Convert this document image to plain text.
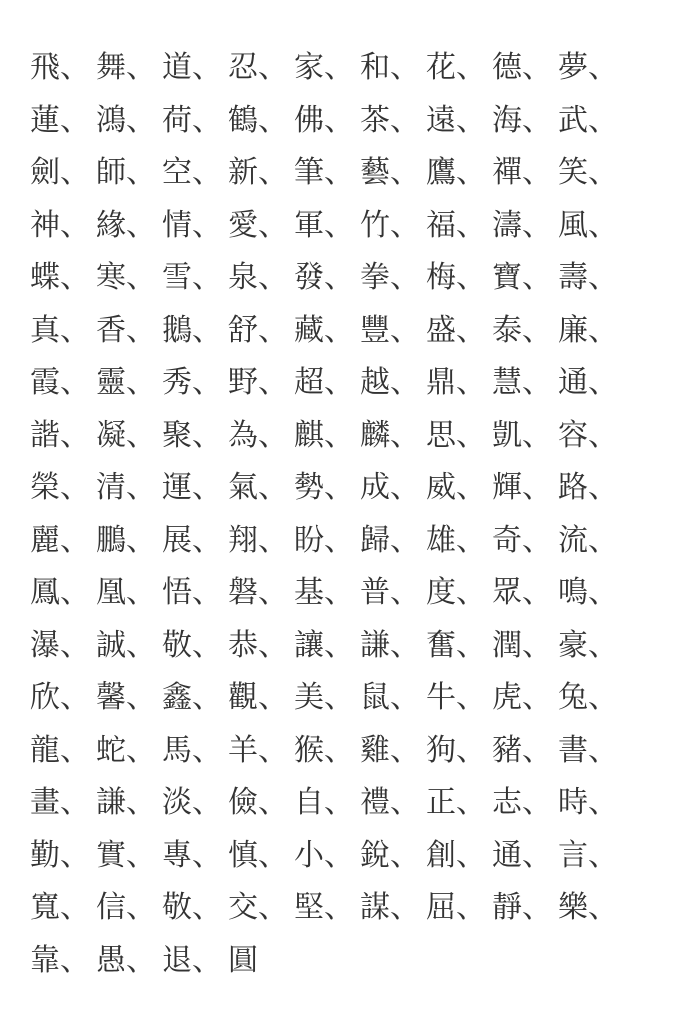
飛、 舞、 道、 忍、 家、 和、 花、 德、 夢、
蓮、 鴻、 荷、 鶴、 佛、 茶、 遠、 海、 武、
劍、 師、 空、 新、 筆、 藝、 鷹、 禪、 笑、
神、 緣、 情、 愛、 軍、 竹、 福、 濤、 風、
蝶、 寒、 雪、 泉、 發、 拳、 梅、 寶、 壽、
真、 香、 鵝、 舒、 藏、 豐、 盛、 泰、 廉、
霞、 靈、 秀、 野、 超、 越、 鼎、 慧、 通、
諧、 凝、 聚、 為、 麒、 麟、 思、 凱、 容、
榮、 清、 運、 氣、 勢、 成、 威、 輝、 路、
麗、 鵬、 展、 翔、 盼、 歸、 雄、 奇、 流、
鳳、 凰、 悟、 磐、 基、 普、 度、 眾、 鳴、
瀑、 誠、 敬、 恭、 讓、 謙、 奮、 潤、 豪、
欣、 馨、 鑫、 觀、 美、 鼠、 牛、 虎、 兔、
龍、 蛇、 馬、 羊、 猴、 雞、 狗、 豬、 書、
畫、 謙、 淡、 儉、 自、 禮、 正、 志、 時、
勤、 實、 專、 慎、 小、 銳、 創、 通、 言、
寬、 信、 敬、 交、 堅、 謀、 屈、 靜、 樂、
靠、 愚、 退、 圓
